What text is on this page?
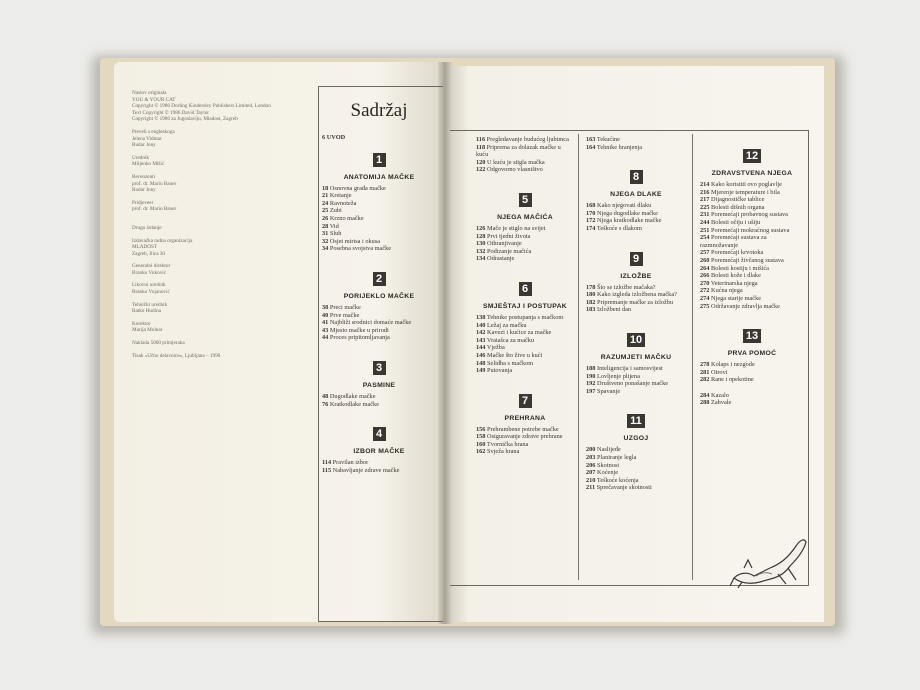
Naslov originala
YOU & YOUR CAT
Copyright © 1986 Dorling Kindersley Publishers Limited, London
Text Copyright © 1986 David Taylor
Copyright © 1986 za Jugoslaviju, Mladost, Zagreb
Preveli s engleskoga
Jelena Vidmar
Rudar Jony
Urednik
Miljenko Mišić
Recenzenti
prof. dr. Mario Bauer
Rudar Jony
Pridjeveer
prof. dr. Mario Bauer
Drugo izdanje
Izdavačka radna organizacija
MLADOST
Zagreb, Ilica 30
Generalni direktor
Branko Vuković
Likovni urednik
Branko Vujanović
Tehnički urednik
Ratko Hudina
Korektor
Marija Molnar
Naklada 5000 primjeraka
Tisak «Učno delavnice», Ljubljana – 1990
Sadržaj
6 UVOD
1
ANATOMIJA MAČKE
18 Osnovna građa mačke
21 Kretanje
24 Ravnoteža
25 Zubi
26 Krzno mačke
28 Vid
31 Sluh
32 Osjet mirisa i okusa
34 Posebna svojstva mačke
2
PORIJEKLO MAČKE
38 Preci mačke
40 Prve mačke
41 Najbliži srodnici domaće mačke
43 Mjesto mačke u prirodi
44 Proces pripitomljavanja
3
PASMINE
48 Dugodlake mačke
76 Kratkodlake mačke
4
IZBOR MAČKE
114 Pravilan izbor
115 Nabavljanje zdrave mačke
116 Pregledavanje budućeg ljubimca
118 Priprema za dolazak mačke u kuću
120 U kuću je stigla mačka
122 Odgovorno vlasništvo
5
NJEGA MAČIĆA
126 Mače je stiglo na svijet
128 Prvi tjedni života
130 Othranjivanje
132 Podizanje mačića
134 Odrastanje
6
SMJEŠTAJ I POSTUPAK
138 Tehnike postupanja s mačkom
140 Ležaj za mačku
142 Kavezi i kućice za mačke
143 Vratašca za mačku
144 Vježba
146 Mačke što žive u kući
148 Selidba s mačkom
149 Putovanja
7
PREHRANA
156 Prehrambene potrebe mačke
158 Osiguravanje zdrave prehrane
160 Tvornička hrana
162 Svježa hrana
163 Tekućine
164 Tehnike hranjenja
8
NJEGA DLAKE
168 Kako njegovati dlaku
170 Njega dugodlake mačke
172 Njega kratkodlake mačke
174 Teškoće s dlakom
9
IZLOŽBE
178 Što se izložbe mačaka?
180 Kako izgleda izložbena mačka?
182 Pripremanje mačke za izložbu
183 Izložbeni dan
10
RAZUMJETI MAČKU
188 Inteligencija i samosvijest
190 Lovljenje plijena
192 Društveno ponašanje mačke
197 Spavanje
11
UZGOJ
200 Naslijeđe
203 Planiranje legla
206 Skotnost
207 Koćenje
210 Teškoće koćenja
211 Sprečavanje skotnosti
12
ZDRAVSTVENA NJEGA
214 Kako koristiti ovo poglavlje
216 Mjerenje temperature i bila
217 Dijagnostičke tablice
225 Bolesti dišnih organa
231 Poremećaji probavnog sustava
244 Bolesti očiju i ušiju
251 Poremećaji mokraćnog sustava
254 Poremećaji sustava za razmnožavanje
257 Poremećaji krvotoka
260 Poremećaji živčanog sustava
264 Bolesti kostiju i mišića
266 Bolesti kože i dlake
270 Veterinarska njega
272 Kućna njega
274 Njega starije mačke
275 Održavanje zdravlja mačke
13
PRVA POMOĆ
278 Kolaps i nezgode
281 Otrovi
282 Rane i opekotine
284 Kazalo
288 Zahvale
